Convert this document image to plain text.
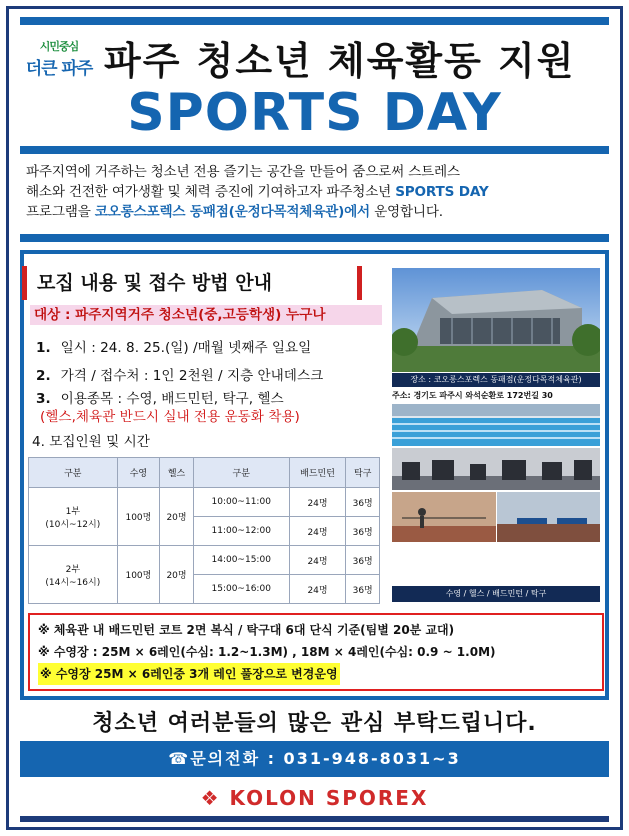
시민중심
더큰 파주 파주 청소년 체육활동 지원
SPORTS DAY
파주지역에 거주하는 청소년 전용 즐기는 공간을 만들어 줌으로써 스트레스
해소와 건전한 여가생활 및 체력 증진에 기여하고자 파주청소년 SPORTS DAY
프로그램을 코오롱스포렉스 동패점(운정다목적체육관)에서 운영합니다.
모집 내용 및 접수 방법 안내
대상 : 파주지역거주 청소년(중,고등학생) 누구나
1. 일시 : 24. 8. 25.(일) /매월 넷째주 일요일
2. 가격 / 접수처 : 1인 2천원 / 지층 안내데스크
3. 이용종목 : 수영, 배드민턴, 탁구, 헬스
(헬스,체육관 반드시 실내 전용 운동화 착용)
4. 모집인원 및 시간
구분	수영	헬스	구분	배드민턴	탁구

1부
(10시~12시)	100명	20명	10:00~11:00	24명	36명
			11:00~12:00	24명	36명

2부
(14시~16시)	100명	20명	14:00~15:00	24명	36명
			15:00~16:00	24명	36명
장소 : 코오롱스포렉스 동패점(운정다목적체육관)
주소: 경기도 파주시 와석순환로 172번길 30
수영 / 헬스 / 배드민턴 / 탁구
※ 체육관 내 배드민턴 코트 2면 복식 / 탁구대 6대 단식 기준(팀별 20분 교대)
※ 수영장 : 25M × 6레인(수심: 1.2~1.3M) , 18M × 4레인(수심: 0.9 ~ 1.0M)
※ 수영장 25M × 6레인중 3개 레인 풀장으로 변경운영
청소년 여러분들의 많은 관심 부탁드립니다.
☎문의전화 : 031-948-8031~3
❖ KOLON SPOREX
